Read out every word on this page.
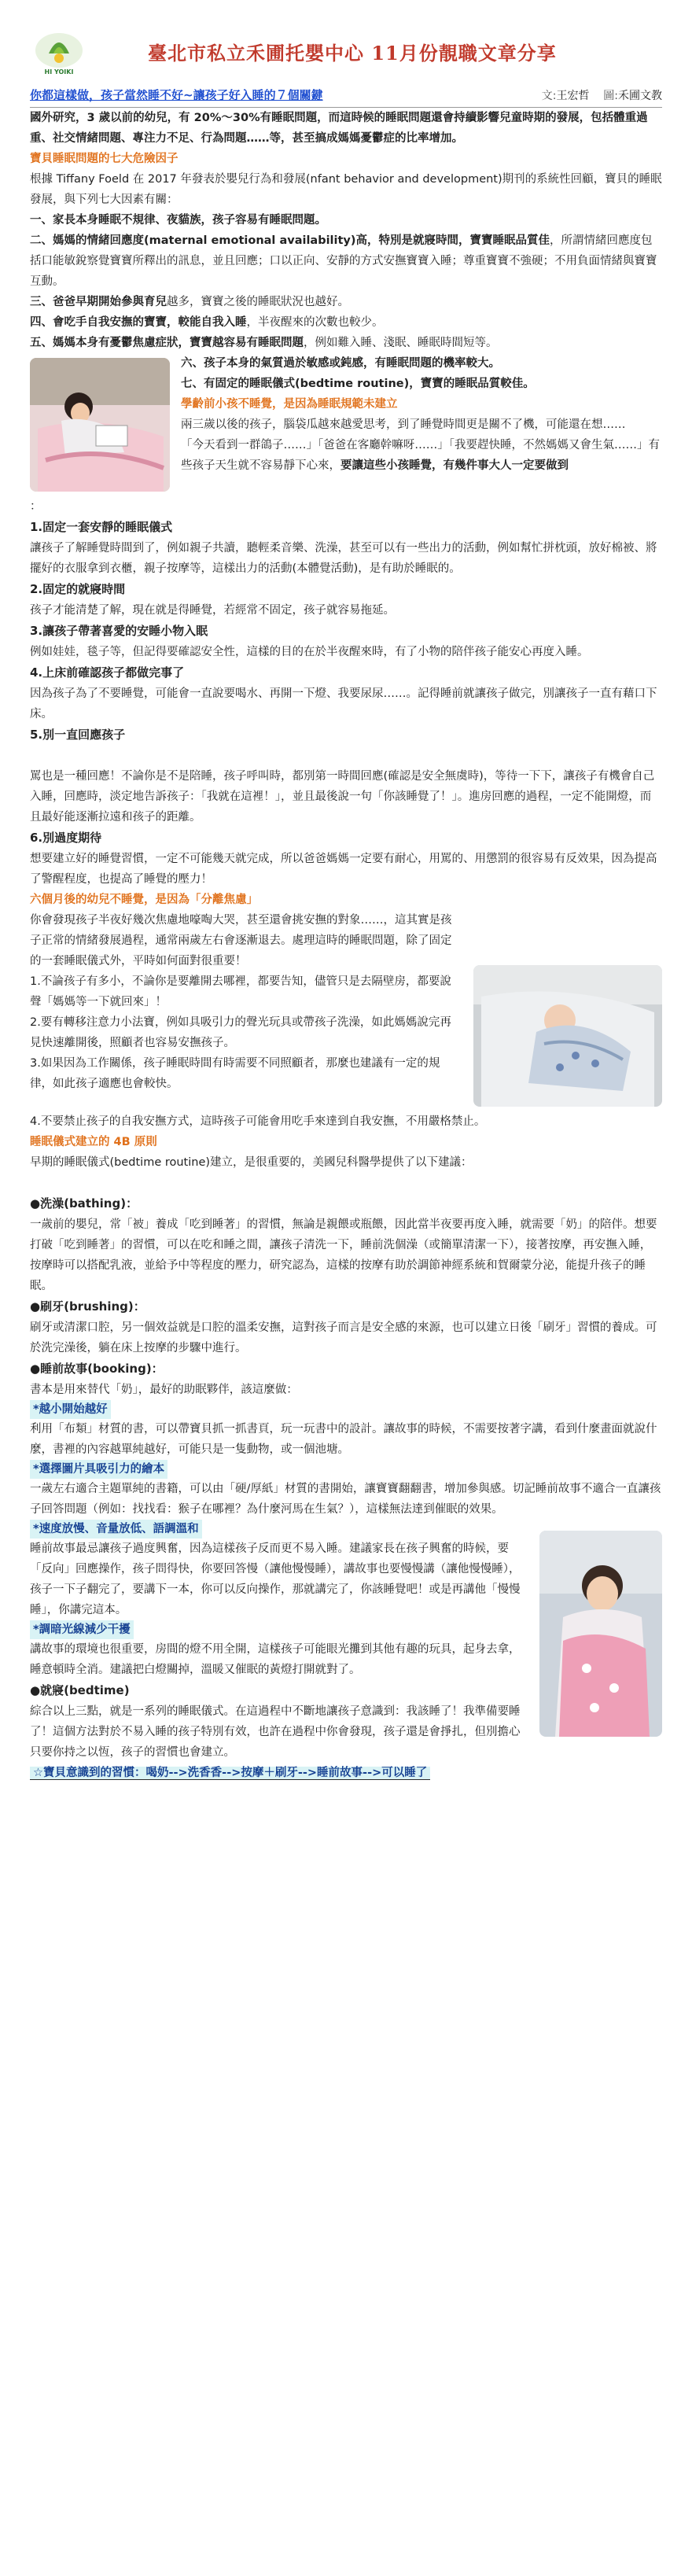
HI YOIKI
臺北市私立禾圃托嬰中心 11月份靚職文章分享
你都這樣做，孩子當然睡不好~讓孩子好入睡的７個關鍵	文:王宏哲 圖:禾圃文教

國外研究，3 歲以前的幼兒，有 20%～30%有睡眠問題，而這時候的睡眠問題還會持續影響兒童時期的發展，包括體重過重、社交情緒問題、專注力不足、行為問題……等，甚至搞成媽媽憂鬱症的比率增加。

寶貝睡眠問題的七大危險因子

根據 Tiffany Foeld 在 2017 年發表於嬰兒行為和發展(nfant behavior and development)期刊的系統性回顧，寶貝的睡眠發展，與下列七大因素有關：

一、家長本身睡眠不規律、夜貓族，孩子容易有睡眠問題。

二、媽媽的情緒回應度(maternal emotional availability)高，特別是就寢時間，寶寶睡眠品質佳，所謂情緒回應度包括口能敏銳察覺寶寶所釋出的訊息，並且回應；口以正向、安靜的方式安撫寶寶入睡；尊重寶寶不強硬；不用負面情緒與寶寶互動。

三、爸爸早期開始參與育兒越多，寶寶之後的睡眠狀況也越好。

四、會吃手自我安撫的寶寶，較能自我入睡，半夜醒來的次數也較少。

五、媽媽本身有憂鬱焦慮症狀，寶寶越容易有睡眠問題，例如難入睡、淺眠、睡眠時間短等。

六、孩子本身的氣質過於敏感或鈍感，有睡眠問題的機率較大。

七、有固定的睡眠儀式(bedtime routine)，寶寶的睡眠品質較佳。

學齡前小孩不睡覺，是因為睡眠規範未建立

兩三歲以後的孩子，腦袋瓜越來越愛思考，到了睡覺時間更是關不了機，可能還在想……

「今天看到一群鴿子……」「爸爸在客廳幹嘛呀……」「我要趕快睡，不然媽媽又會生氣……」有些孩子天生就不容易靜下心來，要讓這些小孩睡覺，有幾件事大人一定要做到

：

1.固定一套安靜的睡眠儀式

讓孩子了解睡覺時間到了，例如親子共讀，聽輕柔音樂、洗澡，甚至可以有一些出力的活動，例如幫忙拼枕頭，放好棉被、將擺好的衣服拿到衣櫃，親子按摩等，這樣出力的活動(本體覺活動)，是有助於睡眠的。

2.固定的就寢時間

孩子才能清楚了解，現在就是得睡覺，若經常不固定，孩子就容易拖延。

3.讓孩子帶著喜愛的安睡小物入眠

例如娃娃，毯子等，但記得要確認安全性，這樣的目的在於半夜醒來時，有了小物的陪伴孩子能安心再度入睡。

4.上床前確認孩子都做完事了

因為孩子為了不要睡覺，可能會一直說要喝水、再開一下燈、我要尿尿……。記得睡前就讓孩子做完，別讓孩子一直有藉口下床。

5.別一直回應孩子

罵也是一種回應！不論你是不是陪睡，孩子呼叫時，都別第一時間回應(確認是安全無虞時)，等待一下下，讓孩子有機會自己入睡，回應時，淡定地告訴孩子：「我就在這裡！」，並且最後說一句「你該睡覺了！」。進房回應的過程，一定不能開燈，而且最好能逐漸拉遠和孩子的距離。

6.別過度期待

想要建立好的睡覺習慣，一定不可能幾天就完成，所以爸爸媽媽一定要有耐心，用罵的、用懲罰的很容易有反效果，因為提高了警醒程度，也提高了睡覺的壓力！

六個月後的幼兒不睡覺，是因為「分離焦慮」

你會發現孩子半夜好幾次焦慮地嚎啕大哭，甚至還會挑安撫的對象……，這其實是孩子正常的情緒發展過程，通常兩歲左右會逐漸退去。處理這時的睡眠問題，除了固定的一套睡眠儀式外，平時如何面對很重要！

1.不論孩子有多小，不論你是要離開去哪裡，都要告知，儘管只是去隔壁房，都要說聲「媽媽等一下就回來」！

2.要有轉移注意力小法寶，例如具吸引力的聲光玩具或帶孩子洗澡，如此媽媽說完再見快速離開後，照顧者也容易安撫孩子。

3.如果因為工作關係，孩子睡眠時間有時需要不同照顧者，那麼也建議有一定的規律，如此孩子適應也會較快。

4.不要禁止孩子的自我安撫方式，這時孩子可能會用吃手來達到自我安撫，不用嚴格禁止。

睡眠儀式建立的 4B 原則

早期的睡眠儀式(bedtime routine)建立，是很重要的，美國兒科醫學提供了以下建議：

●洗澡(bathing)：

一歲前的嬰兒，常「被」養成「吃到睡著」的習慣，無論是親餵或瓶餵，因此當半夜要再度入睡，就需要「奶」的陪伴。想要打破「吃到睡著」的習慣，可以在吃和睡之間，讓孩子清洗一下，睡前洗個澡（或簡單清潔一下），接著按摩，再安撫入睡，按摩時可以搭配乳液，並給予中等程度的壓力，研究認為，這樣的按摩有助於調節神經系統和賀爾蒙分泌，能提升孩子的睡眠。

●刷牙(brushing)：

刷牙或清潔口腔，另一個效益就是口腔的溫柔安撫，這對孩子而言是安全感的來源，也可以建立日後「刷牙」習慣的養成。可於洗完澡後，躺在床上按摩的步驟中進行。

●睡前故事(booking)：

書本是用來替代「奶」，最好的助眠夥伴，該這麼做：

*越小開始越好

利用「布類」材質的書，可以帶寶貝抓一抓書頁，玩一玩書中的設計。讓故事的時候，不需要按著字講，看到什麼畫面就說什麼，書裡的內容越單純越好，可能只是一隻動物，或一個池塘。

*選擇圖片具吸引力的繪本

一歲左右適合主題單純的書籍，可以由「硬/厚紙」材質的書開始，讓寶寶翻翻書，增加參與感。切記睡前故事不適合一直讓孩子回答問題（例如：找找看：猴子在哪裡？為什麼河馬在生氣？），這樣無法達到催眠的效果。

*速度放慢、音量放低、語調溫和

睡前故事最忌讓孩子過度興奮，因為這樣孩子反而更不易入睡。建議家長在孩子興奮的時候，要「反向」回應操作，孩子問得快，你要回答慢（讓他慢慢睡），講故事也要慢慢講（讓他慢慢睡），孩子一下子翻完了，要講下一本，你可以反向操作，那就講完了，你該睡覺吧！或是再講他「慢慢睡」，你講完這本。

*調暗光線減少干擾

講故事的環境也很重要，房間的燈不用全開，這樣孩子可能眼光攤到其他有趣的玩具，起身去拿，睡意頓時全消。建議把白燈關掉，溫暖又催眠的黃燈打開就對了。

●就寢(bedtime)

綜合以上三點，就是一系列的睡眠儀式。在這過程中不斷地讓孩子意識到：我該睡了！我準備要睡了！這個方法對於不易入睡的孩子特別有效，也許在過程中你會發現，孩子還是會掙扎，但別擔心只要你持之以恆，孩子的習慣也會建立。

☆寶貝意識到的習慣：喝奶-->洗香香-->按摩＋刷牙-->睡前故事-->可以睡了
